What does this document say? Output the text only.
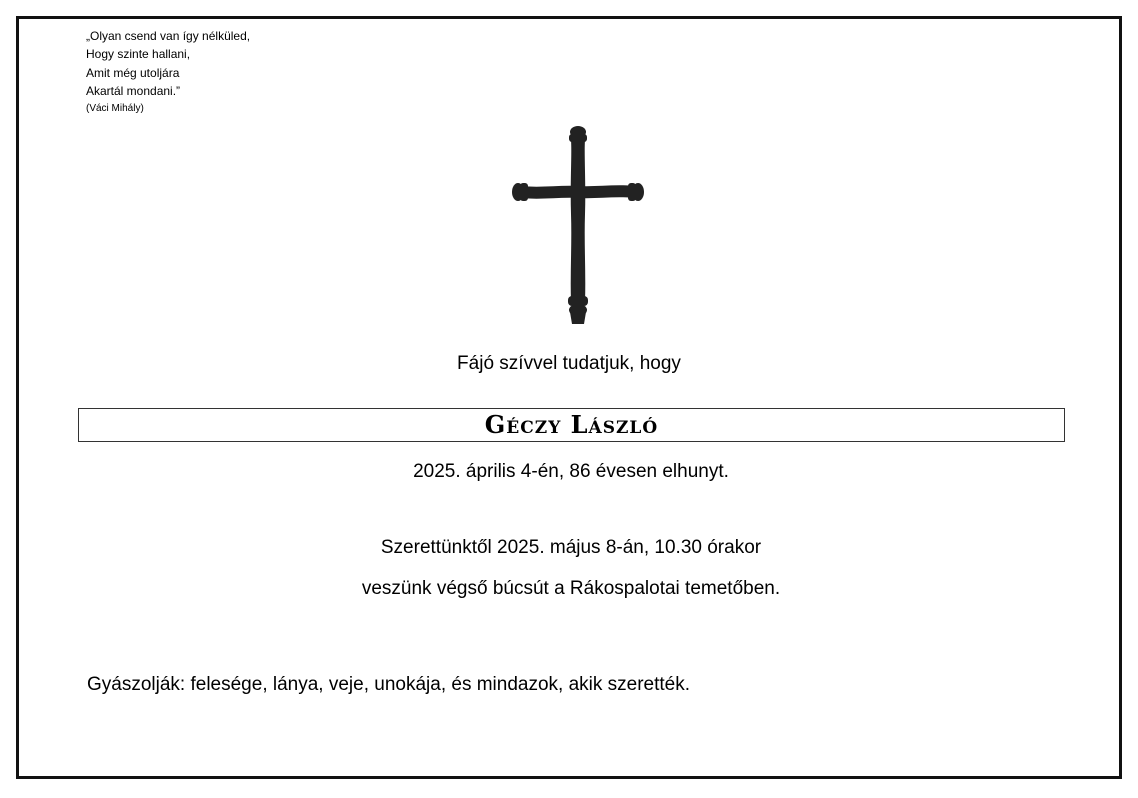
„Olyan csend van így nélküled,
Hogy szinte hallani,
Amit még utoljára
Akartál mondani.”
(Váci Mihály)
Fájó szívvel tudatjuk, hogy
Géczy László
2025. április 4-én, 86 évesen elhunyt.
Szerettünktől 2025. május 8-án, 10.30 órakor
veszünk végső búcsút a Rákospalotai temetőben.
Gyászolják: felesége, lánya, veje, unokája, és mindazok, akik szerették.
